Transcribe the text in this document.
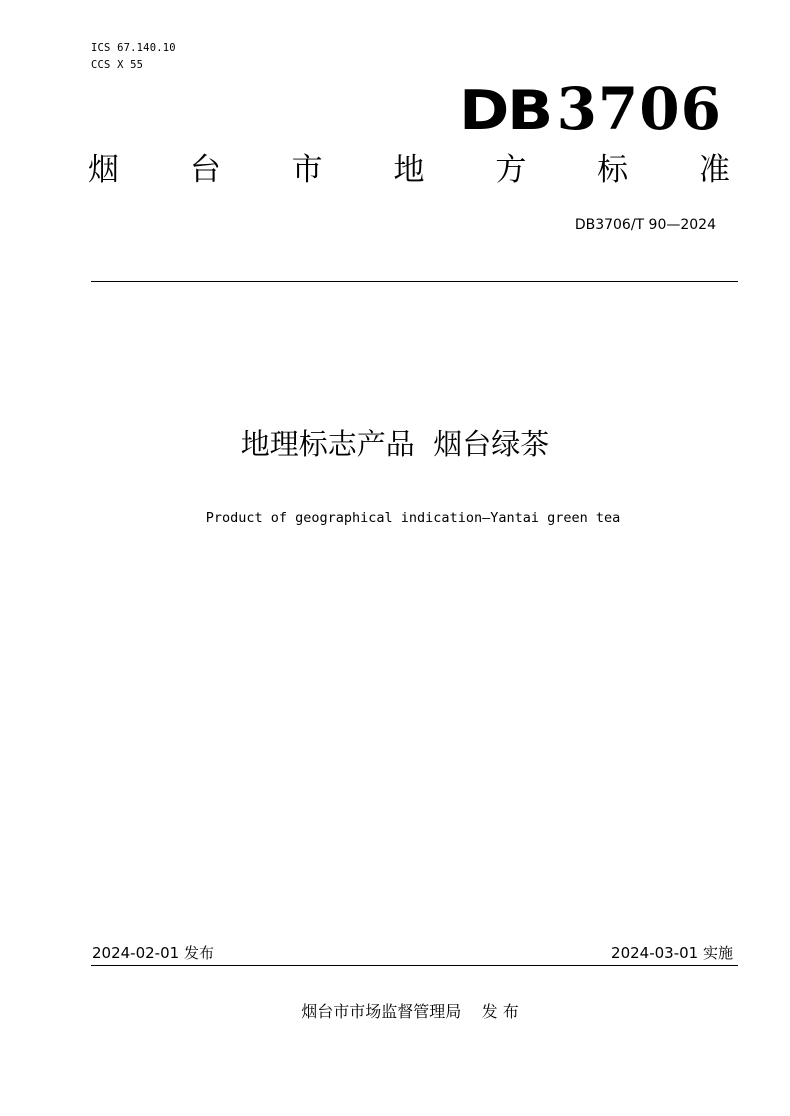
ICS 67.140.10
CCS X 55
DB 3706
烟 台 市 地 方 标 准
DB3706/T 90—2024
地理标志产品  烟台绿茶
Product of geographical indication—Yantai green tea
2024-02-01 发布	2024-03-01 实施
烟台市市场监督管理局    发 布
